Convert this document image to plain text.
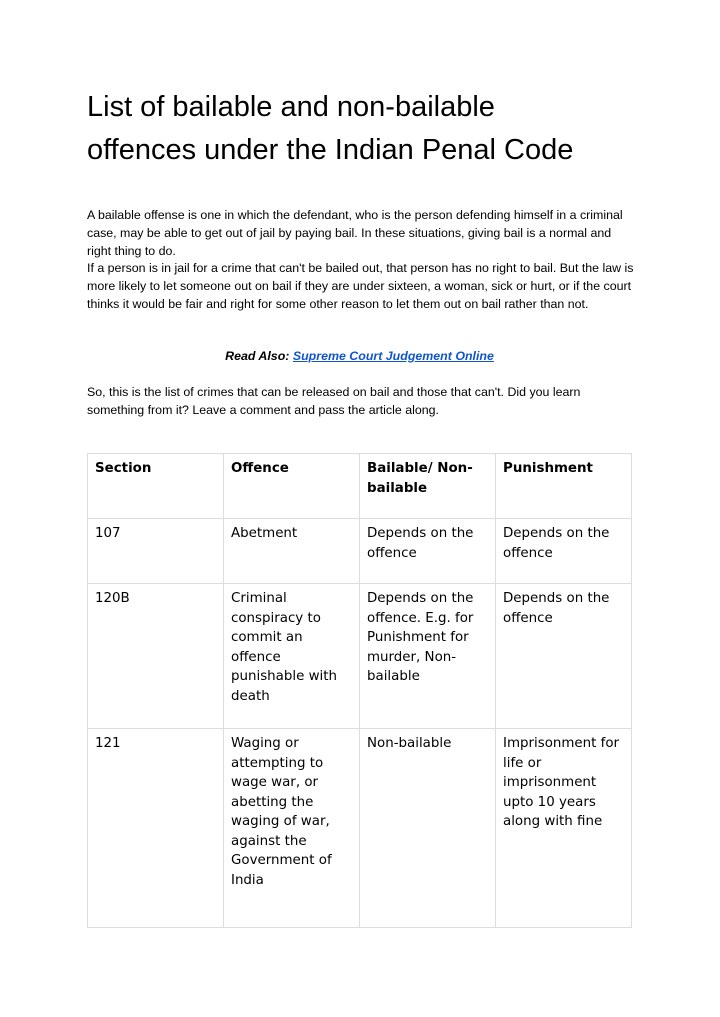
List of bailable and non-bailable
offences under the Indian Penal Code

A bailable offense is one in which the defendant, who is the person defending himself in a criminal case, may be able to get out of jail by paying bail. In these situations, giving bail is a normal and right thing to do.

If a person is in jail for a crime that can't be bailed out, that person has no right to bail. But the law is more likely to let someone out on bail if they are under sixteen, a woman, sick or hurt, or if the court thinks it would be fair and right for some other reason to let them out on bail rather than not.

Read Also: Supreme Court Judgement Online

So, this is the list of crimes that can be released on bail and those that can't. Did you learn something from it? Leave a comment and pass the article along.

Section	Offence	Bailable/ Non-bailable	Punishment
107	Abetment	Depends on the offence	Depends on the offence
120B	Criminal conspiracy to commit an offence punishable with death	Depends on the offence. E.g. for Punishment for murder, Non-bailable	Depends on the offence
121	Waging or attempting to wage war, or abetting the waging of war, against the Government of India	Non-bailable	Imprisonment for life or imprisonment upto 10 years along with fine
